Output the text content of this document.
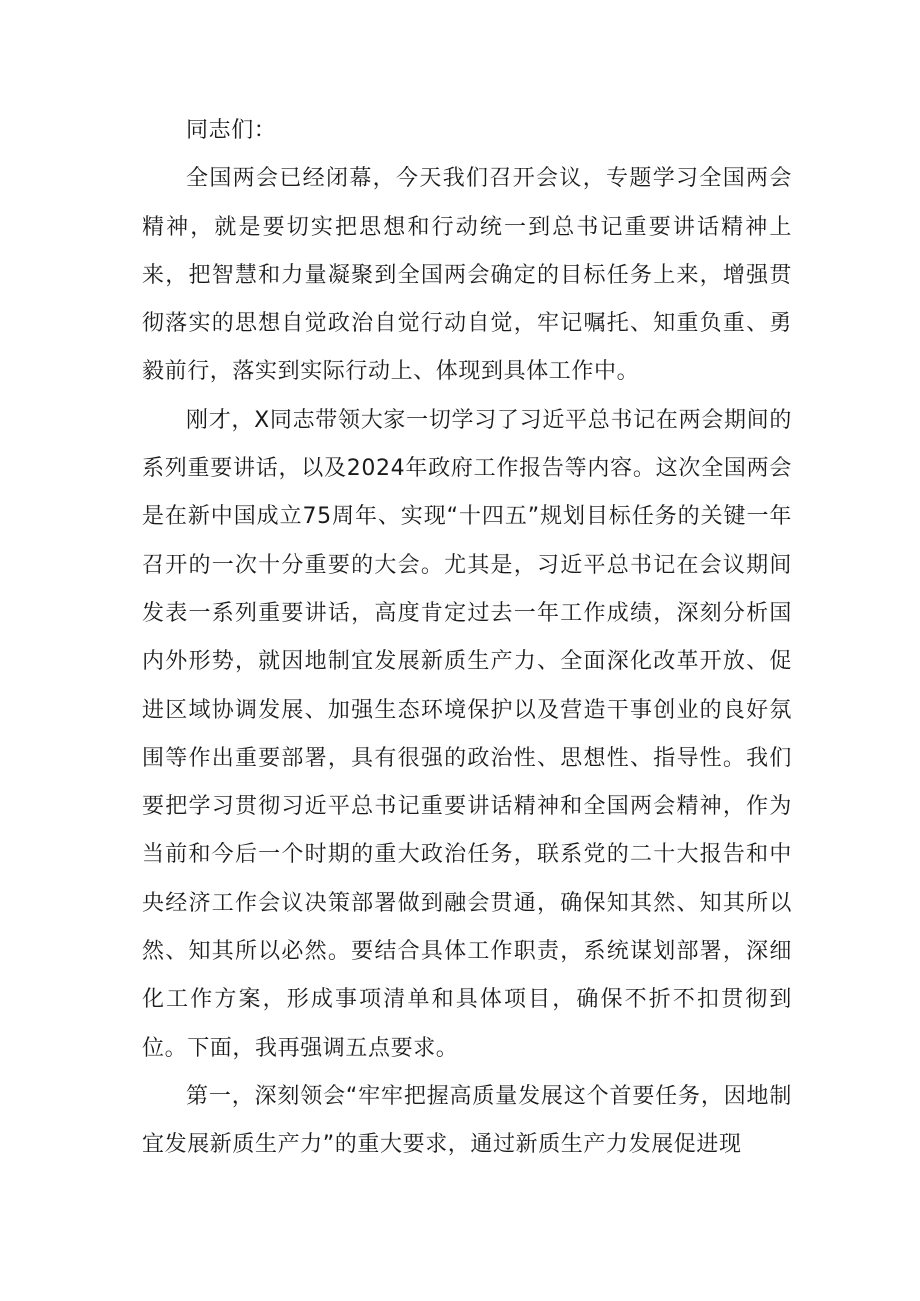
同志们：

全国两会已经闭幕，今天我们召开会议，专题学习全国两会精神，就是要切实把思想和行动统一到总书记重要讲话精神上来，把智慧和力量凝聚到全国两会确定的目标任务上来，增强贯彻落实的思想自觉政治自觉行动自觉，牢记嘱托、知重负重、勇毅前行，落实到实际行动上、体现到具体工作中。

刚才，X同志带领大家一切学习了习近平总书记在两会期间的系列重要讲话，以及2024年政府工作报告等内容。这次全国两会是在新中国成立75周年、实现“十四五”规划目标任务的关键一年召开的一次十分重要的大会。尤其是，习近平总书记在会议期间发表一系列重要讲话，高度肯定过去一年工作成绩，深刻分析国内外形势，就因地制宜发展新质生产力、全面深化改革开放、促进区域协调发展、加强生态环境保护以及营造干事创业的良好氛围等作出重要部署，具有很强的政治性、思想性、指导性。我们要把学习贯彻习近平总书记重要讲话精神和全国两会精神，作为当前和今后一个时期的重大政治任务，联系党的二十大报告和中央经济工作会议决策部署做到融会贯通，确保知其然、知其所以然、知其所以必然。要结合具体工作职责，系统谋划部署，深细化工作方案，形成事项清单和具体项目，确保不折不扣贯彻到位。下面，我再强调五点要求。

第一，深刻领会“牢牢把握高质量发展这个首要任务，因地制宜发展新质生产力”的重大要求，通过新质生产力发展促进现
